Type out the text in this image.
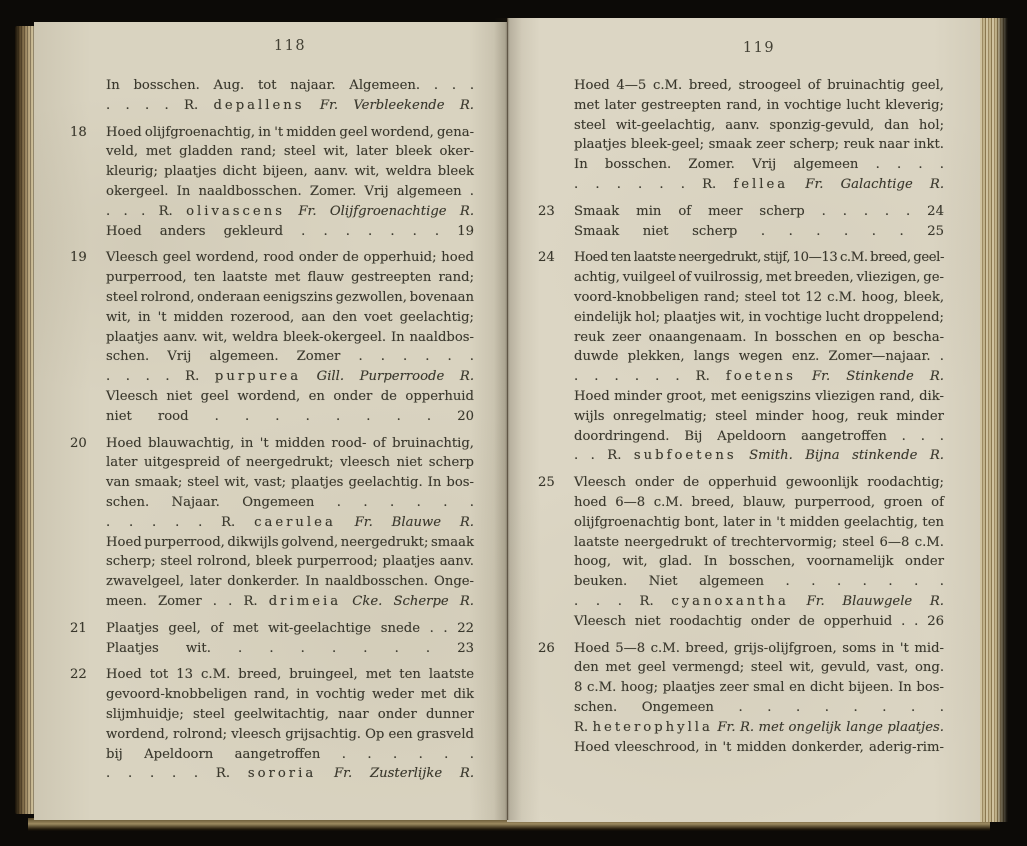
118
In bosschen. Aug. tot najaar. Algemeen. . . .
. . . . R. depallens Fr. Verbleekende R.
18	Hoed olijfgroenachtig, in 't midden geel wordend, gena-
veld, met gladden rand; steel wit, later bleek oker-
kleurig; plaatjes dicht bijeen, aanv. wit, weldra bleek
okergeel. In naaldbosschen. Zomer. Vrij algemeen .
. . . R. olivascens Fr. Olijfgroenachtige R.
Hoed anders gekleurd . . . . . . . 19
19	Vleesch geel wordend, rood onder de opperhuid; hoed
purperrood, ten laatste met flauw gestreepten rand;
steel rolrond, onderaan eenigszins gezwollen, bovenaan
wit, in 't midden rozerood, aan den voet geelachtig;
plaatjes aanv. wit, weldra bleek-okergeel. In naaldbos-
schen. Vrij algemeen. Zomer . . . . . .
. . . . R. purpurea Gill. Purperroode R.
Vleesch niet geel wordend, en onder de opperhuid
niet rood . . . . . . . . 20
20	Hoed blauwachtig, in 't midden rood- of bruinachtig,
later uitgespreid of neergedrukt; vleesch niet scherp
van smaak; steel wit, vast; plaatjes geelachtig. In bos-
schen. Najaar. Ongemeen . . . . . .
. . . . . R. caerulea Fr. Blauwe R.
Hoed purperrood, dikwijls golvend, neergedrukt; smaak
scherp; steel rolrond, bleek purperrood; plaatjes aanv.
zwavelgeel, later donkerder. In naaldbosschen. Onge-
meen. Zomer . . R. drimeia Cke. Scherpe R.
21	Plaatjes geel, of met wit-geelachtige snede . . 22
Plaatjes wit. . . . . . . . 23
22	Hoed tot 13 c.M. breed, bruingeel, met ten laatste
gevoord-knobbeligen rand, in vochtig weder met dik
slijmhuidje; steel geelwitachtig, naar onder dunner
wordend, rolrond; vleesch grijsachtig. Op een grasveld
bij Apeldoorn aangetroffen . . . . . .
. . . . . R. sororia Fr. Zusterlijke R.
119
Hoed 4—5 c.M. breed, stroogeel of bruinachtig geel,
met later gestreepten rand, in vochtige lucht kleverig;
steel wit-geelachtig, aanv. sponzig-gevuld, dan hol;
plaatjes bleek-geel; smaak zeer scherp; reuk naar inkt.
In bosschen. Zomer. Vrij algemeen . . . .
. . . . . . R. fellea Fr. Galachtige R.
23	Smaak min of meer scherp . . . . . 24
Smaak niet scherp . . . . . . 25
24	Hoed ten laatste neergedrukt, stijf, 10—13 c.M. breed, geel-
achtig, vuilgeel of vuilrossig, met breeden, vliezigen, ge-
voord-knobbeligen rand; steel tot 12 c.M. hoog, bleek,
eindelijk hol; plaatjes wit, in vochtige lucht droppelend;
reuk zeer onaangenaam. In bosschen en op bescha-
duwde plekken, langs wegen enz. Zomer—najaar. .
. . . . . . R. foetens Fr. Stinkende R.
Hoed minder groot, met eenigszins vliezigen rand, dik-
wijls onregelmatig; steel minder hoog, reuk minder
doordringend. Bij Apeldoorn aangetroffen . . .
. . R. subfoetens Smith. Bijna stinkende R.
25	Vleesch onder de opperhuid gewoonlijk roodachtig;
hoed 6—8 c.M. breed, blauw, purperrood, groen of
olijfgroenachtig bont, later in 't midden geelachtig, ten
laatste neergedrukt of trechtervormig; steel 6—8 c.M.
hoog, wit, glad. In bosschen, voornamelijk onder
beuken. Niet algemeen . . . . . . .
. . . R. cyanoxantha Fr. Blauwgele R.
Vleesch niet roodachtig onder de opperhuid . . 26
26	Hoed 5—8 c.M. breed, grijs-olijfgroen, soms in 't mid-
den met geel vermengd; steel wit, gevuld, vast, ong.
8 c.M. hoog; plaatjes zeer smal en dicht bijeen. In bos-
schen. Ongemeen . . . . . . . .
R. heterophylla Fr. R. met ongelijk lange plaatjes.
Hoed vleeschrood, in 't midden donkerder, aderig-rim-
